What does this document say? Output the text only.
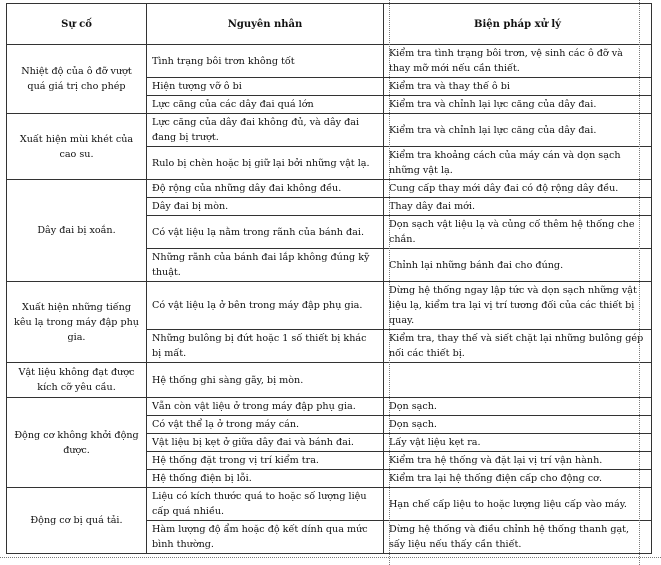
Sự cố	Nguyên nhân	Biện pháp xử lý
Nhiệt độ của ô đỡ vượt quá giá trị cho phép	Tình trạng bôi trơn không tốt	Kiểm tra tình trạng bôi trơn, vệ sinh các ô đỡ và thay mỡ mới nếu cần thiết.
	Hiện tượng vỡ ô bi	Kiểm tra và thay thế ô bi
	Lực căng của các dây đai quá lớn	Kiểm tra và chỉnh lại lực căng của dây đai.
Xuất hiện mùi khét của cao su.	Lực căng của dây đai không đủ, và dây đai đang bị trượt.	Kiểm tra và chỉnh lại lực căng của dây đai.
	Rulo bị chèn hoặc bị giữ lại bởi những vật lạ.	Kiểm tra khoảng cách của máy cán và dọn sạch những vật lạ.
Dây đai bị xoắn.	Độ rộng của những dây đai không đều.	Cung cấp thay mới dây đai có độ rộng dây đều.
	Dây đai bị mòn.	Thay dây đai mới.
	Có vật liệu lạ nằm trong rãnh của bánh đai.	Dọn sạch vật liệu lạ và củng cố thêm hệ thống che chắn.
	Những rãnh của bánh đai lắp không đúng kỹ thuật.	Chỉnh lại những bánh đai cho đúng.
Xuất hiện những tiếng kêu lạ trong máy đập phụ gia.	Có vật liệu lạ ở bên trong máy đập phụ gia.	Dừng hệ thống ngay lập tức và dọn sạch những vật liệu lạ, kiểm tra lại vị trí tương đối của các thiết bị quay.
	Những bulông bị đứt hoặc 1 số thiết bị khác bị mất.	Kiểm tra, thay thế và siết chặt lại những bulông gép nối các thiết bị.
Vật liệu không đạt được kích cỡ yêu cầu.	Hệ thống ghi sàng gãy, bị mòn.	
Động cơ không khởi động được.	Vẫn còn vật liệu ở trong máy đập phụ gia.	Dọn sạch.
	Có vật thể lạ ở trong máy cán.	Dọn sạch.
	Vật liệu bị kẹt ở giữa dây đai và bánh đai.	Lấy vật liệu kẹt ra.
	Hệ thống đặt trong vị trí kiểm tra.	Kiểm tra hệ thống và đặt lại vị trí vận hành.
	Hệ thống điện bị lỗi.	Kiểm tra lại hệ thống điện cấp cho động cơ.
Động cơ bị quá tải.	Liệu có kích thước quá to hoặc số lượng liệu cấp quá nhiều.	Hạn chế cấp liệu to hoặc lượng liệu cấp vào máy.
	Hàm lượng độ ẩm hoặc độ kết dính qua mức bình thường.	Dừng hệ thống và điều chỉnh hệ thống thanh gạt, sấy liệu nếu thấy cần thiết.
